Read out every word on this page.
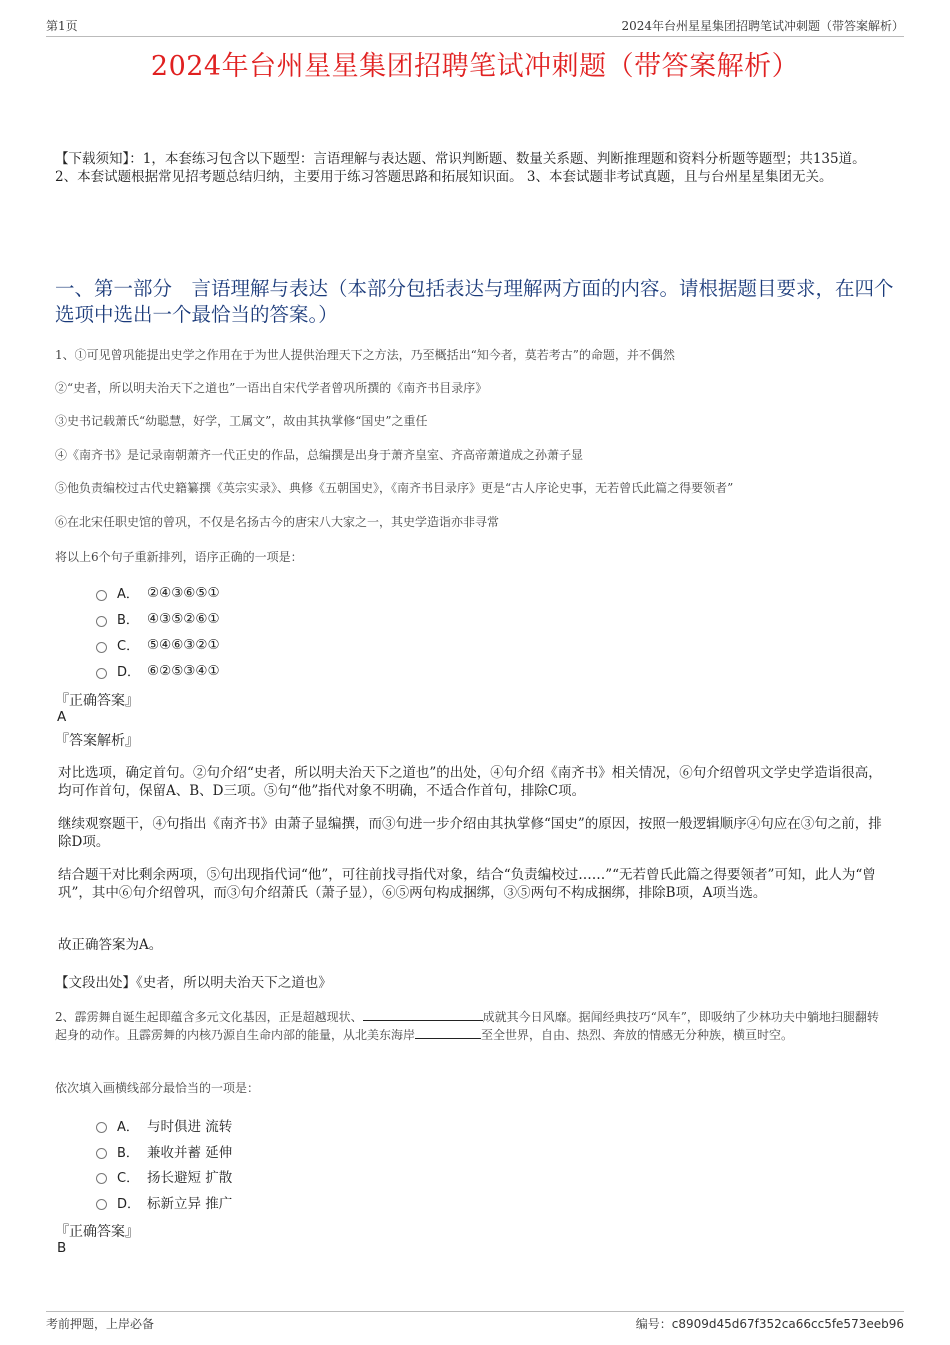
第1页	2024年台州星星集团招聘笔试冲刺题（带答案解析）
2024年台州星星集团招聘笔试冲刺题（带答案解析）
【下载须知】：1，本套练习包含以下题型：言语理解与表达题、常识判断题、数量关系题、判断推理题和资料分析题等题型；共135道。 2、本套试题根据常见招考题总结归纳，主要用于练习答题思路和拓展知识面。 3、本套试题非考试真题，且与台州星星集团无关。
一、第一部分　言语理解与表达（本部分包括表达与理解两方面的内容。请根据题目要求，在四个选项中选出一个最恰当的答案。）
1、①可见曾巩能提出史学之作用在于为世人提供治理天下之方法，乃至概括出“知今者，莫若考古”的命题，并不偶然
②“史者，所以明夫治天下之道也”一语出自宋代学者曾巩所撰的《南齐书目录序》
③史书记载萧氏“幼聪慧，好学，工属文”，故由其执掌修“国史”之重任
④《南齐书》是记录南朝萧齐一代正史的作品，总编撰是出身于萧齐皇室、齐高帝萧道成之孙萧子显
⑤他负责编校过古代史籍纂撰《英宗实录》、典修《五朝国史》，《南齐书目录序》更是“古人序论史事，无若曾氏此篇之得要领者”
⑥在北宋任职史馆的曾巩，不仅是名扬古今的唐宋八大家之一，其史学造诣亦非寻常
将以上6个句子重新排列，语序正确的一项是：
A． ②④③⑥⑤①
B． ④③⑤②⑥①
C． ⑤④⑥③②①
D． ⑥②⑤③④①
『正确答案』
A
『答案解析』
对比选项，确定首句。②句介绍“史者，所以明夫治天下之道也”的出处，④句介绍《南齐书》相关情况，⑥句介绍曾巩文学史学造诣很高，均可作首句，保留A、B、D三项。⑤句“他”指代对象不明确，不适合作首句，排除C项。
继续观察题干，④句指出《南齐书》由萧子显编撰，而③句进一步介绍由其执掌修“国史”的原因，按照一般逻辑顺序④句应在③句之前，排除D项。
结合题干对比剩余两项，⑤句出现指代词“他”，可往前找寻指代对象，结合“负责编校过……”“无若曾氏此篇之得要领者”可知，此人为“曾巩”，其中⑥句介绍曾巩，而③句介绍萧氏（萧子显），⑥⑤两句构成捆绑，③⑤两句不构成捆绑，排除B项，A项当选。
故正确答案为A。
【文段出处】《史者，所以明夫治天下之道也》
2、霹雳舞自诞生起即蕴含多元文化基因，正是超越现状、	成就其今日风靡。据闻经典技巧“风车”，即吸纳了少林功夫中躺地扫腿翻转起身的动作。且霹雳舞的内核乃源自生命内部的能量，从北美东海岸	至全世界，自由、热烈、奔放的情感无分种族，横亘时空。
依次填入画横线部分最恰当的一项是：
A． 与时俱进 流转
B． 兼收并蓄 延伸
C． 扬长避短 扩散
D． 标新立异 推广
『正确答案』
B
考前押题，上岸必备	编号：c8909d45d67f352ca66cc5fe573eeb96
